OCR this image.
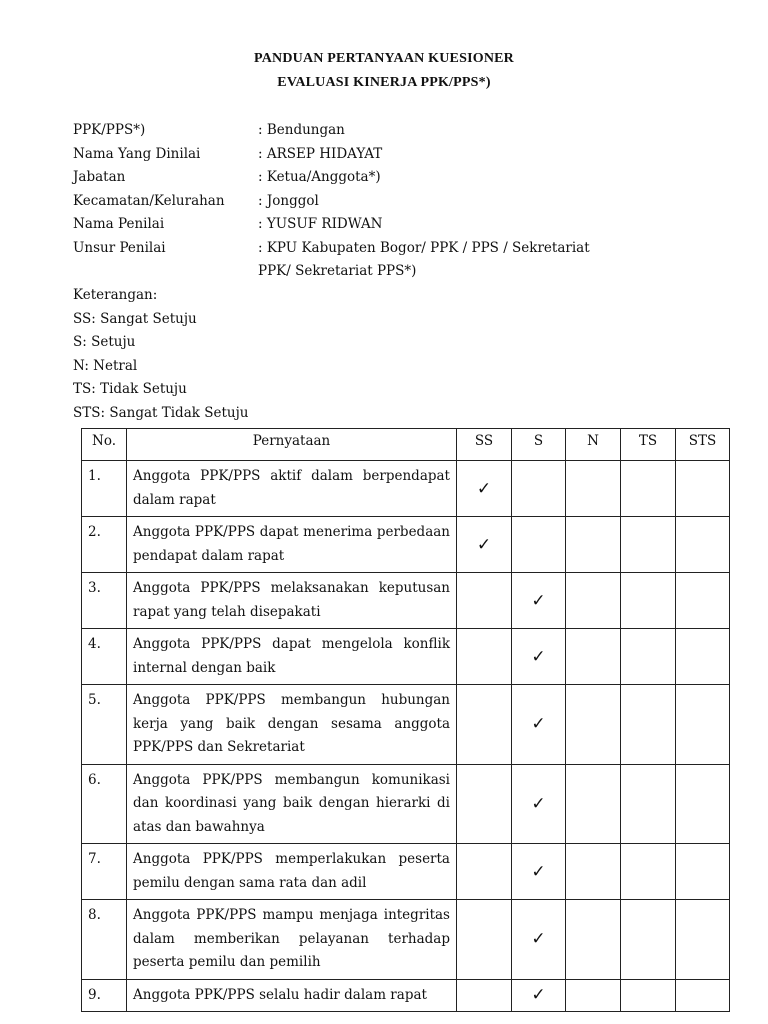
PANDUAN PERTANYAAN KUESIONER
EVALUASI KINERJA PPK/PPS*)
PPK/PPS*)	: Bendungan
Nama Yang Dinilai	: ARSEP HIDAYAT
Jabatan	: Ketua/Anggota*)
Kecamatan/Kelurahan : Jonggol
Nama Penilai	: YUSUF RIDWAN
Unsur Penilai	: KPU Kabupaten Bogor/ PPK / PPS / Sekretariat
PPK/ Sekretariat PPS*)
Keterangan:
SS: Sangat Setuju
S: Setuju
N: Netral
TS: Tidak Setuju
STS: Sangat Tidak Setuju
No.	Pernyataan	SS	S	N	TS	STS
1.	Anggota PPK/PPS aktif dalam berpendapat dalam rapat	✓				
2.	Anggota PPK/PPS dapat menerima perbedaan pendapat dalam rapat	✓				
3.	Anggota PPK/PPS melaksanakan keputusan rapat yang telah disepakati		✓			
4.	Anggota PPK/PPS dapat mengelola konflik internal dengan baik		✓			
5.	Anggota PPK/PPS membangun hubungan kerja yang baik dengan sesama anggota PPK/PPS dan Sekretariat		✓			
6.	Anggota PPK/PPS membangun komunikasi dan koordinasi yang baik dengan hierarki di atas dan bawahnya		✓			
7.	Anggota PPK/PPS memperlakukan peserta pemilu dengan sama rata dan adil		✓			
8.	Anggota PPK/PPS mampu menjaga integritas dalam memberikan pelayanan terhadap peserta pemilu dan pemilih		✓			
9.	Anggota PPK/PPS selalu hadir dalam rapat		✓			
